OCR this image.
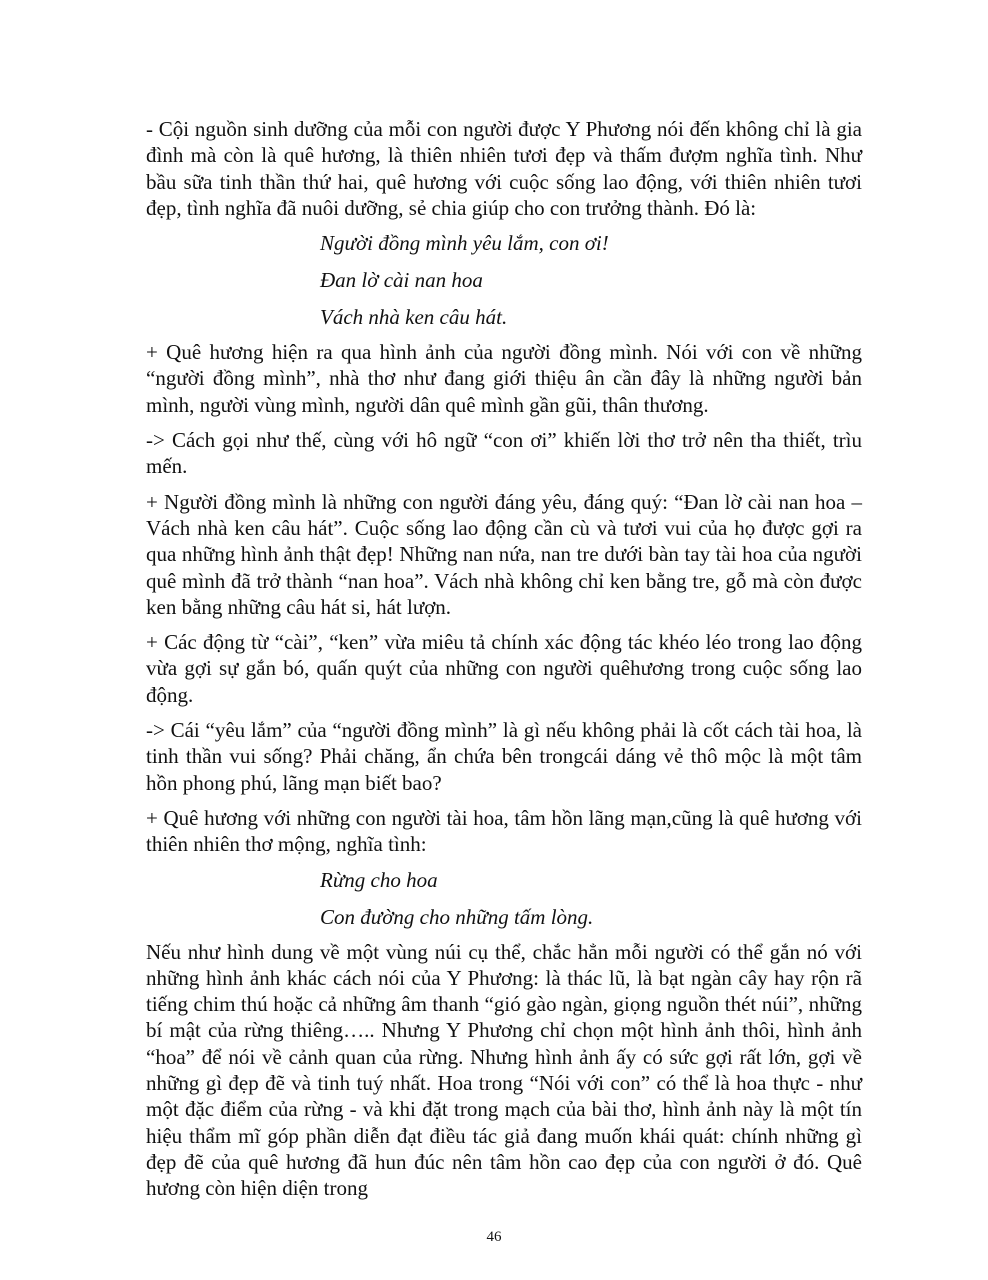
- Cội nguồn sinh dưỡng của mỗi con người được Y Phương nói đến không chỉ là gia đình mà còn là quê hương, là thiên nhiên tươi đẹp và thấm đượm nghĩa tình. Như bầu sữa tinh thần thứ hai, quê hương với cuộc sống lao động, với thiên nhiên tươi đẹp, tình nghĩa đã nuôi dưỡng, sẻ chia giúp cho con trưởng thành. Đó là:

Người đồng mình yêu lắm, con ơi!
Đan lờ cài nan hoa
Vách nhà ken câu hát.

+ Quê hương hiện ra qua hình ảnh của người đồng mình. Nói với con về những “người đồng mình”, nhà thơ như đang giới thiệu ân cần đây là những người bản mình, người vùng mình, người dân quê mình gần gũi, thân thương.

-> Cách gọi như thế, cùng với hô ngữ “con ơi” khiến lời thơ trở nên tha thiết, trìu mến.

+ Người đồng mình là những con người đáng yêu, đáng quý: “Đan lờ cài nan hoa – Vách nhà ken câu hát”. Cuộc sống lao động cần cù và tươi vui của họ được gợi ra qua những hình ảnh thật đẹp! Những nan nứa, nan tre dưới bàn tay tài hoa của người quê mình đã trở thành “nan hoa”. Vách nhà không chỉ ken bằng tre, gỗ mà còn được ken bằng những câu hát si, hát lượn.

+ Các động từ “cài”, “ken” vừa miêu tả chính xác động tác khéo léo trong lao động vừa gợi sự gắn bó, quấn quýt của những con người quêhương trong cuộc sống lao động.

-> Cái “yêu lắm” của “người đồng mình” là gì nếu không phải là cốt cách tài hoa, là tinh thần vui sống? Phải chăng, ẩn chứa bên trongcái dáng vẻ thô mộc là một tâm hồn phong phú, lãng mạn biết bao?

+ Quê hương với những con người tài hoa, tâm hồn lãng mạn,cũng là quê hương với thiên nhiên thơ mộng, nghĩa tình:

Rừng cho hoa
Con đường cho những tấm lòng.

Nếu như hình dung về một vùng núi cụ thể, chắc hẳn mỗi người có thể gắn nó với những hình ảnh khác cách nói của Y Phương: là thác lũ, là bạt ngàn cây hay rộn rã tiếng chim thú hoặc cả những âm thanh “gió gào ngàn, giọng nguồn thét núi”, những bí mật của rừng thiêng….. Nhưng Y Phương chỉ chọn một hình ảnh thôi, hình ảnh “hoa” để nói về cảnh quan của rừng. Nhưng hình ảnh ấy có sức gợi rất lớn, gợi về những gì đẹp đẽ và tinh tuý nhất. Hoa trong “Nói với con” có thể là hoa thực - như một đặc điểm của rừng - và khi đặt trong mạch của bài thơ, hình ảnh này là một tín hiệu thẩm mĩ góp phần diễn đạt điều tác giả đang muốn khái quát: chính những gì đẹp đẽ của quê hương đã hun đúc nên tâm hồn cao đẹp của con người ở đó. Quê hương còn hiện diện trong

46
